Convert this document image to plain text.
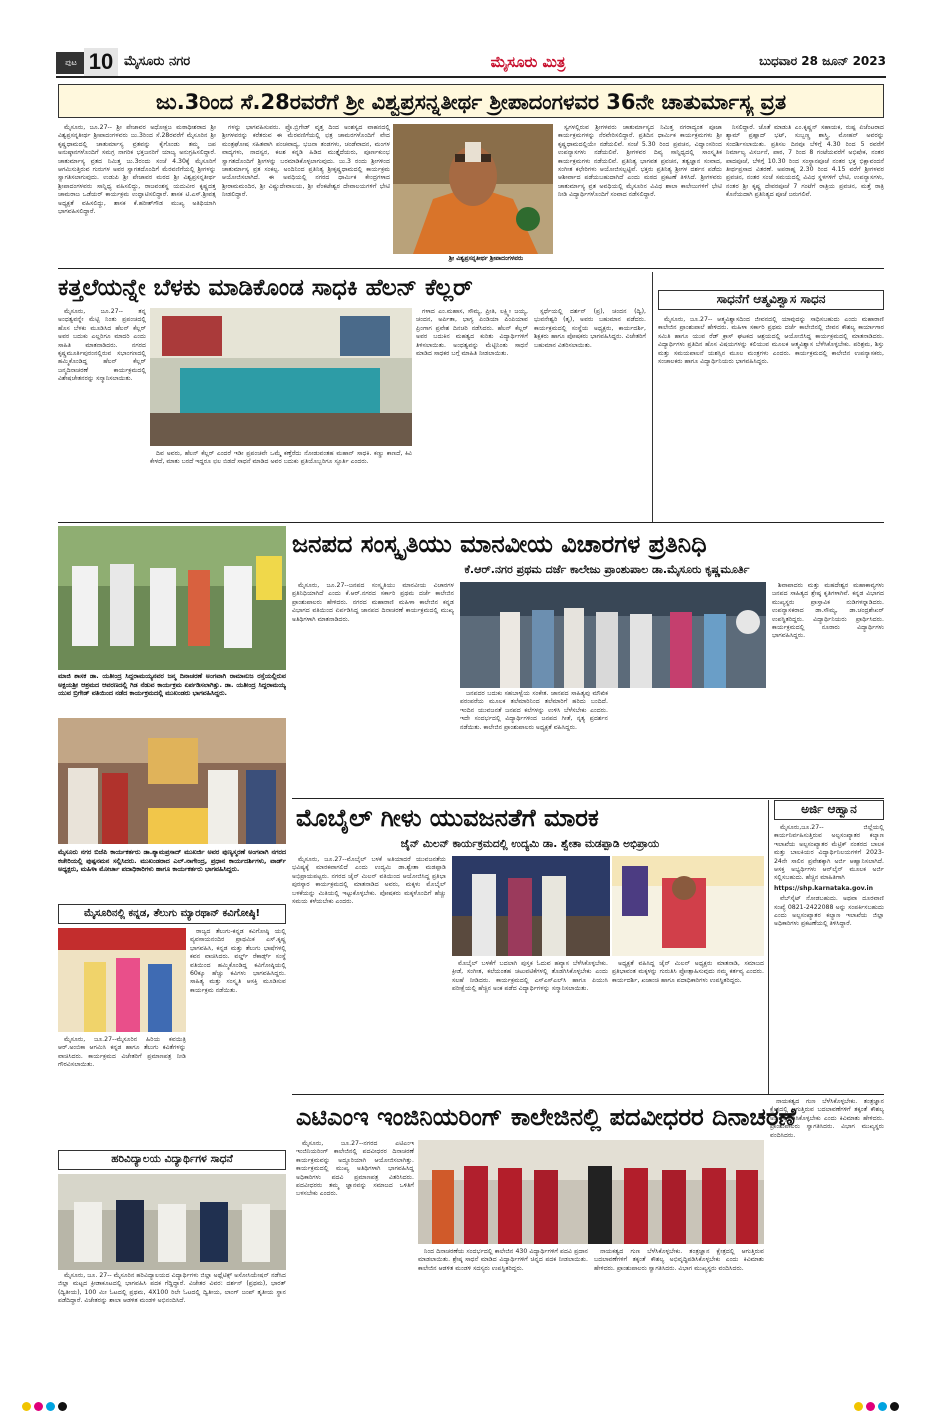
ಪುಟ 10 ಮೈಸೂರು ನಗರ	ಮೈಸೂರು ಮಿತ್ರ	ಬುಧವಾರ 28 ಜೂನ್ 2023
ಜು.3ರಿಂದ ಸೆ.28ರವರೆಗೆ ಶ್ರೀ ವಿಶ್ವಪ್ರಸನ್ನತೀರ್ಥ ಶ್ರೀಪಾದಂಗಳವರ 36ನೇ ಚಾತುರ್ಮಾಸ್ಯ ವ್ರತ

ಮೈಸೂರು, ಜೂ.27-- ಶ್ರೀ ಪೇಜಾವರ ಅಧೋಕ್ಷಜ ಮಠಾಧೀಶರಾದ ಶ್ರೀ ವಿಶ್ವಪ್ರಸನ್ನತೀರ್ಥ ಶ್ರೀಪಾದಂಗಳವರು ಜು.3ರಿಂದ ಸೆ.28ರವರೆಗೆ ಮೈಸೂರಿನ ಶ್ರೀ ಕೃಷ್ಣಧಾಮದಲ್ಲಿ ಚಾತುರ್ಮಾಸ್ಯ ವ್ರತವನ್ನು ಕೈಗೊಂಡು ತಮ್ಮ ಜಪ ಅನುಷ್ಠಾನಗಳೊಂದಿಗೆ ಸಮಗ್ರ ನಾಗರಿಕ ಭಕ್ತಜನರಿಗೆ ಯಾಜ್ಯ ಅನುಗ್ರಹಿಸಲಿದ್ದಾರೆ. ಚಾತುರ್ಮಾಸ್ಯ ವ್ರತದ ನಿಮಿತ್ತ ಜು.3ರಂದು ಸಂಜೆ 4.30ಕ್ಕೆ ಮೈಸೂರಿಗೆ ಆಗಮಿಸುತ್ತಿರುವ ಗುರುಗಳ ಅವರ ಸ್ವಾಗತದೊಂದಿಗೆ ಮೆರವಣಿಗೆಯಲ್ಲಿ ಶ್ರೀಗಳನ್ನು ಸ್ವಾಗತಿಸಲಾಗುವುದು. ಉಡುಪಿ ಶ್ರೀ ಪೇಜಾವರ ಮಠದ ಶ್ರೀ ವಿಶ್ವಪ್ರಸನ್ನತೀರ್ಥ ಶ್ರೀಪಾದಂಗಳವರು ಸಾನ್ನಿಧ್ಯ ವಹಿಸಲಿದ್ದು, ರಾಜವಂಶಸ್ಥ ಯದುವೀರ ಕೃಷ್ಣದತ್ತ ಚಾಮರಾಜ ಒಡೆಯರ್ ಕಾರ್ಯಕ್ರಮ ಉದ್ಘಾಟಿಸಲಿದ್ದಾರೆ. ಶಾಸಕ ಟಿ.ಎಸ್.ಶ್ರೀವತ್ಸ ಅಧ್ಯಕ್ಷತೆ ವಹಿಸಲಿದ್ದು, ಶಾಸಕ ಕೆ.ಹರೀಶ್‌ಗೌಡ ಮುಖ್ಯ ಅತಿಥಿಯಾಗಿ ಭಾಗವಹಿಸಲಿದ್ದಾರೆ.

ಗಳನ್ನು ಭಾಗವಹಿಸುವರು. ಪ್ರೊ.ಬ್ರಿಗೇಡ್ ವೃತ್ತ ದಿಂದ ಅಂಶಸ್ವದ ವಾಹನದಲ್ಲಿ ಶ್ರೀಗಳವರನ್ನು ಕರೆತರುವ ಈ ಮೆರವಣಿಗೆಯಲ್ಲಿ ಛತ್ರ ಚಾಮರಗಳೊಂದಿಗೆ ವೇದ ಮಂತ್ರಘೋಷ ಸಹಿತವಾಗಿ ಪಂಚವಾದ್ಯ, ಭಜನಾ ತಂಡಗಳು, ಚಂಡೆವಾದನ, ಮಂಗಳ ವಾದ್ಯಗಳು, ನಾದಸ್ವರ, ಕಲಶ ಕನ್ನಡಿ ಹಿಡಿದ ಮುತ್ತೈದೆಯರು, ಪೂರ್ಣಕುಂಭ ಸ್ವಾಗತದೊಂದಿಗೆ ಶ್ರೀಗಳನ್ನು ಬರಮಾಡಿಕೊಳ್ಳಲಾಗುವುದು. ಜು.3 ರಂದು ಶ್ರೀಗಳಿಂದ ಚಾತುರ್ಮಾಸ್ಯ ವ್ರತ ಸಂಕಲ್ಪ. ಅಂದಿನಿಂದ ಪ್ರತಿನಿತ್ಯ ಶ್ರೀಕೃಷ್ಣಧಾಮದಲ್ಲಿ ಕಾರ್ಯಕ್ರಮ ಆಯೋಜಿಸಲಾಗಿದೆ. ಈ ಅವಧಿಯಲ್ಲಿ ನಗರದ ಧಾರ್ಮಿಕ ಕೇಂದ್ರಗಳಾದ ಶ್ರೀರಾಮಮಂದಿರ, ಶ್ರೀ ವಿಷ್ಣುದೇವಾಲಯ, ಶ್ರೀ ವೆಂಕಟೇಶ್ವರ ದೇವಾಲಯಗಳಿಗೆ ಭೇಟಿ ನೀಡಲಿದ್ದಾರೆ.

ಶ್ರೀ ವಿಶ್ವಪ್ರಸನ್ನತೀರ್ಥ ಶ್ರೀಪಾದಂಗಳವರು

ಸ್ವಗಳಲ್ಲಿರುವ ಶ್ರೀಗಳವರು ಚಾತುರ್ಮಾಸ್ಯದ ನಿಮಿತ್ತ ನಗರಾದ್ಯಂತ ಪೂಜಾ ಕಾರ್ಯಕ್ರಮಗಳನ್ನು ನೆರವೇರಿಸಲಿದ್ದಾರೆ. ಪ್ರತಿದಿನ ಧಾರ್ಮಿಕ ಕಾರ್ಯಕ್ರಮಗಳು ಶ್ರೀ ಕೃಷ್ಣಧಾಮದಲ್ಲಿಯೇ ನಡೆಯಲಿವೆ. ಸಂಜೆ 5.30 ರಿಂದ ಪ್ರವಚನ, ವಿದ್ವಾಂಸರಿಂದ ಉಪನ್ಯಾಸಗಳು ನಡೆಯಲಿವೆ. ಶ್ರೀಗಳವರ ದಿವ್ಯ ಸಾನ್ನಿಧ್ಯದಲ್ಲಿ ಸಾಂಸ್ಕೃತಿಕ ಕಾರ್ಯಕ್ರಮಗಳು ನಡೆಯಲಿವೆ. ಪ್ರತಿನಿತ್ಯ ಭಾಗವತ ಪ್ರವಚನ, ತತ್ವಜ್ಞಾನ ಸಂವಾದ, ಸಂಗೀತ ಕಛೇರಿಗಳು ಆಯೋಜಿಸಲ್ಪಟ್ಟಿವೆ. ಭಕ್ತರು ಪ್ರತಿನಿತ್ಯ ಶ್ರೀಗಳ ದರ್ಶನ ಪಡೆದು ಆಶೀರ್ವಾದ ಪಡೆಯಬಹುದಾಗಿದೆ ಎಂದು ಮಠದ ಪ್ರಕಟಣೆ ತಿಳಿಸಿದೆ. ಶ್ರೀಗಳವರು ಚಾತುರ್ಮಾಸ್ಯ ವ್ರತ ಅವಧಿಯಲ್ಲಿ ಮೈಸೂರಿನ ವಿವಿಧ ಶಾಲಾ ಕಾಲೇಜುಗಳಿಗೆ ಭೇಟಿ ನೀಡಿ ವಿದ್ಯಾರ್ಥಿಗಳೊಂದಿಗೆ ಸಂವಾದ ನಡೆಸಲಿದ್ದಾರೆ.

ನಿಸಲಿದ್ದಾರೆ. ಜೊತೆ ಮಾಡುತಿ ಎಂ.ಕೃಷ್ಣನ್ ಸಹಾಯಕ, ರುಷ್ಪ ಏಜೆಂಟರಾದ ಶ್ಯಾಮ್ ಪ್ರಹ್ಲಾದ್ ಭಟ್, ಸುಬ್ಬಣ್ಣ ಶಾಸ್ತ್ರಿ, ಮೋಹನ್ ಅವರನ್ನು ಸಂದರ್ಶಿಸಲಾಯಿತು. ಪ್ರತಿಸಲ ದಿನವೂ ಬೆಳಿಗ್ಗೆ 4.30 ರಿಂದ 5 ರವರೆಗೆ ನಿರ್ಮಾಲ್ಯ ವಿಸರ್ಜನೆ, ಪಾಠ, 7 ರಿಂದ 8 ಗಂಟೆಯವರೆಗೆ ಅಭಿಷೇಕ, ನಂತರ ಪಾದಪೂಜೆ, ಬೆಳಿಗ್ಗೆ 10.30 ರಿಂದ ಸಂಸ್ಥಾನಪೂಜೆ ನಂತರ ಭಕ್ತ ಭಿಕ್ಷಾವಂದನೆ ತೀರ್ಥಪ್ರಸಾದ ವಿತರಣೆ. ಅಪರಾಹ್ನ 2.30 ರಿಂದ 4.15 ವರೆಗೆ ಶ್ರೀಗಳವರ ಪ್ರವಚನ, ನಂತರ ಸಂಜೆ ಸಮಯದಲ್ಲಿ ವಿವಿಧ ಸ್ಥಳಗಳಿಗೆ ಭೇಟಿ, ಉಪನ್ಯಾಸಗಳು, ನಂತರ ಶ್ರೀ ಕೃಷ್ಣ ದೇವರಪೂಜೆ 7 ಗಂಟೆಗೆ ರಾತ್ರಿಯ ಪ್ರವಚನ, ಮತ್ತೆ ರಾತ್ರಿ ಕೊನೆಯದಾಗಿ ಪ್ರತಿನಿತ್ಯದ ಪೂಜೆ ಜರುಗಲಿವೆ.

ಕತ್ತಲೆಯನ್ನೇ ಬೆಳಕು ಮಾಡಿಕೊಂಡ ಸಾಧಕಿ ಹೆಲನ್ ಕೆಲ್ಲರ್

ಮೈಸೂರು, ಜೂ.27-- ತನ್ನ ಅಂಧತ್ವವನ್ನೇ ಮೆಟ್ಟಿ ನಿಂತು ಪ್ರಪಂಚದಲ್ಲಿ ಹೊಸ ಬೆಳಕು ಮೂಡಿಸಿದ ಹೆಲನ್ ಕೆಲ್ಲರ್ ಅವರ ಬದುಕು ಎಲ್ಲರಿಗೂ ಮಾದರಿ ಎಂದು ಸಾಹಿತಿ ಮಾತನಾಡಿದರು. ನಗರದ ಕೃಷ್ಣಮೂರ್ತಿಪುರಂನಲ್ಲಿರುವ ಸಭಾಂಗಣದಲ್ಲಿ ಹಮ್ಮಿಕೊಂಡಿದ್ದ ಹೆಲನ್ ಕೆಲ್ಲರ್ ಜನ್ಮದಿನಾಚರಣೆ ಕಾರ್ಯಕ್ರಮದಲ್ಲಿ ವಿಶೇಷಚೇತನರನ್ನು ಸನ್ಮಾನಿಸಲಾಯಿತು.

ದಿವ ಅವರು, ಹೆಲನ್ ಕೆಲ್ಲರ್ ಎಂದರೆ ಇಡೀ ಪ್ರಪಂಚವೇ ಒಮ್ಮೆ ಕಣ್ತೆರೆದು ನೋಡುವಂತಹ ಮಹಾನ್ ಸಾಧಕಿ. ಕಣ್ಣು ಕಾಣದೆ, ಕಿವಿ ಕೇಳದೆ, ಮಾತು ಬರದೆ ಇದ್ದರೂ ಛಲ ಬಿಡದೆ ಸಾಧನೆ ಮಾಡಿದ ಅವರ ಬದುಕು ಪ್ರತಿಯೊಬ್ಬರಿಗೂ ಸ್ಫೂರ್ತಿ ಎಂದರು.

ಗಳಾದ ಎಂ.ಮಹಾಸ, ಸೌಮ್ಯ, ಪ್ರೀತಿ, ಲಕ್ಷ್ಮೀ ಜಯ್ಯ, ಚಂದನ, ಅರ್ಪಿತಾ, ಭಾಗ್ಯ ಪಿಂಡಿಯಾ ಪಿಂಪಿಯಾವ ಪ್ರಿಂಗಾಗ ಪ್ರವೇಶ ದಿನಚರಿ ನಡೆಸಿದರು. ಹೆಲನ್ ಕೆಲ್ಲರ್ ಅವರ ಬದುಕಿನ ಮಹತ್ವದ ಕುರಿತು ವಿದ್ಯಾರ್ಥಿಗಳಿಗೆ ತಿಳಿಸಲಾಯಿತು. ಅಂಧತ್ವವನ್ನು ಮೆಟ್ಟಿನಿಂತು ಸಾಧನೆ ಮಾಡಿದ ಸಾಧಕರ ಬಗ್ಗೆ ಮಾಹಿತಿ ನೀಡಲಾಯಿತು.

ಸ್ಪರ್ಧೆಯಲ್ಲಿ ದರ್ಶನ್ (ಪ್ರ), ಚಂದನ (ದ್ವಿ), ಭುವನೇಶ್ವರಿ (ತೃ), ಅವರು ಬಹುಮಾನ ಪಡೆದರು. ಕಾರ್ಯಕ್ರಮದಲ್ಲಿ ಸಂಸ್ಥೆಯ ಅಧ್ಯಕ್ಷರು, ಕಾರ್ಯದರ್ಶಿ, ಶಿಕ್ಷಕರು ಹಾಗೂ ಪೋಷಕರು ಭಾಗವಹಿಸಿದ್ದರು. ವಿಜೇತರಿಗೆ ಬಹುಮಾನ ವಿತರಿಸಲಾಯಿತು.

ಸಾಧನೆಗೆ ಆತ್ಮವಿಶ್ವಾಸ ಸಾಧನ

ಮೈಸೂರು, ಜೂ.27-- ಆತ್ಮವಿಶ್ವಾಸದಿಂದ ಜೀವನದಲ್ಲಿ ಯಾವುದನ್ನು ಸಾಧಿಸಬಹುದು ಎಂದು ಮಹಾರಾಣಿ ಕಾಲೇಜಿನ ಪ್ರಾಂಶುಪಾಲೆ ಹೇಳಿದರು. ಮಹಿಳಾ ಸರ್ಕಾರಿ ಪ್ರಥಮ ದರ್ಜೆ ಕಾಲೇಜಿನಲ್ಲಿ ಜೀವನ ಕೌಶಲ್ಯ ಕಾರ್ಯಾಗಾರ ಸಮಿತಿ ಹಾಗೂ ಯುವ ರೆಡ್ ಕ್ರಾಸ್ ಘಟಕದ ಆಶ್ರಯದಲ್ಲಿ ಆಯೋಜಿಸಿದ್ದ ಕಾರ್ಯಕ್ರಮದಲ್ಲಿ ಮಾತನಾಡಿದರು. ವಿದ್ಯಾರ್ಥಿಗಳು ಪ್ರತಿದಿನ ಹೊಸ ವಿಷಯಗಳನ್ನು ಕಲಿಯುವ ಮೂಲಕ ಆತ್ಮವಿಶ್ವಾಸ ಬೆಳೆಸಿಕೊಳ್ಳಬೇಕು. ಪರಿಶ್ರಮ, ಶಿಸ್ತು ಮತ್ತು ಸಮಯಪಾಲನೆ ಯಶಸ್ಸಿನ ಮೂಲ ಮಂತ್ರಗಳು ಎಂದರು. ಕಾರ್ಯಕ್ರಮದಲ್ಲಿ ಕಾಲೇಜಿನ ಉಪನ್ಯಾಸಕರು, ಸಂಚಾಲಕರು ಹಾಗೂ ವಿದ್ಯಾರ್ಥಿನಿಯರು ಭಾಗವಹಿಸಿದ್ದರು.

ಮಾಜಿ ಶಾಸಕ ಡಾ. ಯತೀಂದ್ರ ಸಿದ್ದರಾಮಯ್ಯನವರ ಜನ್ಮ ದಿನಾಚರಣೆ ಅಂಗವಾಗಿ ರಾಮಾನುಜ ರಸ್ತೆಯಲ್ಲಿರುವ ಅಕ್ಷಯಶ್ರೀ ಆಶ್ರಮದ ಆವರಣದಲ್ಲಿ ಗಿಡ ನೆಡುವ ಕಾರ್ಯಕ್ರಮ ಏರ್ಪಡಿಸಲಾಗಿತ್ತು. ಡಾ. ಯತೀಂದ್ರ ಸಿದ್ದರಾಮಯ್ಯ ಯುವ ಬ್ರಿಗೇಡ್ ವತಿಯಿಂದ ನಡೆದ ಕಾರ್ಯಕ್ರಮದಲ್ಲಿ ಮುಖಂಡರು ಭಾಗವಹಿಸಿದ್ದರು.
ಮೈಸೂರು ನಗರ ಬಿಜೆಪಿ ಕಾರ್ಯಕರ್ತರು ಡಾ.ಶ್ಯಾಮಪ್ರಸಾದ್ ಮುಖರ್ಜಿ ಅವರ ಪುಣ್ಯಸ್ಮರಣೆ ಅಂಗವಾಗಿ ನಗರದ ಕಚೇರಿಯಲ್ಲಿ ಪುಷ್ಪನಮನ ಸಲ್ಲಿಸಿದರು. ಮುಖಂಡರಾದ ಎಲ್.ನಾಗೇಂದ್ರ, ಪ್ರಧಾನ ಕಾರ್ಯದರ್ಶಿಗಳು, ವಾರ್ಡ್ ಅಧ್ಯಕ್ಷರು, ಮಹಿಳಾ ಮೋರ್ಚಾ ಪದಾಧಿಕಾರಿಗಳು ಹಾಗೂ ಕಾರ್ಯಕರ್ತರು ಭಾಗವಹಿಸಿದ್ದರು.
ಜನಪದ ಸಂಸ್ಕೃತಿಯು ಮಾನವೀಯ ವಿಚಾರಗಳ ಪ್ರತಿನಿಧಿ
ಕೆ.ಆರ್.ನಗರ ಪ್ರಥಮ ದರ್ಜೆ ಕಾಲೇಜು ಪ್ರಾಂಶುಪಾಲ ಡಾ.ಮೈಸೂರು ಕೃಷ್ಣಮೂರ್ತಿ

ಮೈಸೂರು, ಜೂ.27--ಜನಪದ ಸಂಸ್ಕೃತಿಯು ಮಾನವೀಯ ವಿಚಾರಗಳ ಪ್ರತಿನಿಧಿಯಾಗಿದೆ ಎಂದು ಕೆ.ಆರ್.ನಗರದ ಸರ್ಕಾರಿ ಪ್ರಥಮ ದರ್ಜೆ ಕಾಲೇಜಿನ ಪ್ರಾಂಶುಪಾಲರು ಹೇಳಿದರು. ನಗರದ ಮಹಾರಾಣಿ ಮಹಿಳಾ ಕಾಲೇಜಿನ ಕನ್ನಡ ವಿಭಾಗದ ವತಿಯಿಂದ ಏರ್ಪಡಿಸಿದ್ದ ಜಾನಪದ ದಿನಾಚರಣೆ ಕಾರ್ಯಕ್ರಮದಲ್ಲಿ ಮುಖ್ಯ ಅತಿಥಿಗಳಾಗಿ ಮಾತನಾಡಿದರು.

ಜನಪದರ ಬದುಕು ಸಹಬಾಳ್ವೆಯ ಸಂಕೇತ. ಜಾನಪದ ಸಾಹಿತ್ಯವು ಮೌಖಿಕ ಪರಂಪರೆಯ ಮೂಲಕ ತಲೆಮಾರಿನಿಂದ ತಲೆಮಾರಿಗೆ ಹರಿದು ಬಂದಿದೆ. ಇಂದಿನ ಯುವಜನತೆ ಜನಪದ ಕಲೆಗಳನ್ನು ಉಳಿಸಿ ಬೆಳೆಸಬೇಕು ಎಂದರು. ಇದೇ ಸಂದರ್ಭದಲ್ಲಿ ವಿದ್ಯಾರ್ಥಿಗಳಿಂದ ಜನಪದ ಗೀತೆ, ನೃತ್ಯ ಪ್ರದರ್ಶನ ನಡೆಯಿತು. ಕಾಲೇಜಿನ ಪ್ರಾಂಶುಪಾಲರು ಅಧ್ಯಕ್ಷತೆ ವಹಿಸಿದ್ದರು.

ಶಿವಾಪಾದರು ಮತ್ತು ಮಹದೇಶ್ವರ ಮಹಾಕಾವ್ಯಗಳು ಜನಪದ ಸಾಹಿತ್ಯದ ಶ್ರೇಷ್ಠ ಕೃತಿಗಳಾಗಿವೆ. ಕನ್ನಡ ವಿಭಾಗದ ಮುಖ್ಯಸ್ಥರು ಪ್ರಾಸ್ತಾವಿಕ ನುಡಿಗಳನ್ನಾಡಿದರು. ಉಪನ್ಯಾಸಕರಾದ ಡಾ.ಸೌಮ್ಯ, ಡಾ.ಚಂದ್ರಶೇಖರ್ ಉಪಸ್ಥಿತರಿದ್ದರು. ವಿದ್ಯಾರ್ಥಿನಿಯರು ಪ್ರಾರ್ಥಿಸಿದರು. ಕಾರ್ಯಕ್ರಮದಲ್ಲಿ ನೂರಾರು ವಿದ್ಯಾರ್ಥಿಗಳು ಭಾಗವಹಿಸಿದ್ದರು.

ಮೊಬೈಲ್ ಗೀಳು ಯುವಜನತೆಗೆ ಮಾರಕ
ಜೈನ್ ಮಿಲನ್ ಕಾರ್ಯಕ್ರಮದಲ್ಲಿ ಉದ್ಯಮಿ ಡಾ. ಶ್ವೇತಾ ಮಡಪ್ಪಾಡಿ ಅಭಿಪ್ರಾಯ

ಮೈಸೂರು, ಜೂ.27--ಮೊಬೈಲ್ ಬಳಕೆ ಅತಿಯಾದರೆ ಯುವಜನತೆಯ ಭವಿಷ್ಯಕ್ಕೆ ಮಾರಕವಾಗಲಿದೆ ಎಂದು ಉದ್ಯಮಿ ಡಾ.ಶ್ವೇತಾ ಮಡಪ್ಪಾಡಿ ಅಭಿಪ್ರಾಯಪಟ್ಟರು. ನಗರದ ಜೈನ್ ಮಿಲನ್ ವತಿಯಿಂದ ಆಯೋಜಿಸಿದ್ದ ಪ್ರತಿಭಾ ಪುರಸ್ಕಾರ ಕಾರ್ಯಕ್ರಮದಲ್ಲಿ ಮಾತನಾಡಿದ ಅವರು, ಮಕ್ಕಳು ಮೊಬೈಲ್ ಬಳಕೆಯನ್ನು ಮಿತಿಯಲ್ಲಿ ಇಟ್ಟುಕೊಳ್ಳಬೇಕು. ಪೋಷಕರು ಮಕ್ಕಳೊಂದಿಗೆ ಹೆಚ್ಚು ಸಮಯ ಕಳೆಯಬೇಕು ಎಂದರು.

ಮೊಬೈಲ್ ಬಳಕೆಗೆ ಬದಲಾಗಿ ಪುಸ್ತಕ ಓದುವ ಹವ್ಯಾಸ ಬೆಳೆಸಿಕೊಳ್ಳಬೇಕು. ಕ್ರೀಡೆ, ಸಂಗೀತ, ಕಲೆಯಂತಹ ಚಟುವಟಿಕೆಗಳಲ್ಲಿ ತೊಡಗಿಸಿಕೊಳ್ಳಬೇಕು ಎಂದು ಸಲಹೆ ನೀಡಿದರು. ಕಾರ್ಯಕ್ರಮದಲ್ಲಿ ಎಸ್ಎಸ್ಎಲ್‌ಸಿ ಹಾಗೂ ಪಿಯುಸಿ ಪರೀಕ್ಷೆಯಲ್ಲಿ ಹೆಚ್ಚಿನ ಅಂಕ ಪಡೆದ ವಿದ್ಯಾರ್ಥಿಗಳನ್ನು ಸನ್ಮಾನಿಸಲಾಯಿತು.

ಅಧ್ಯಕ್ಷತೆ ವಹಿಸಿದ್ದ ಜೈನ್ ಮಿಲನ್ ಅಧ್ಯಕ್ಷರು ಮಾತನಾಡಿ, ಸಮಾಜದ ಪ್ರತಿಭಾವಂತ ಮಕ್ಕಳನ್ನು ಗುರುತಿಸಿ ಪ್ರೋತ್ಸಾಹಿಸುವುದು ನಮ್ಮ ಕರ್ತವ್ಯ ಎಂದರು. ಕಾರ್ಯದರ್ಶಿ, ಖಜಾಂಚಿ ಹಾಗೂ ಪದಾಧಿಕಾರಿಗಳು ಉಪಸ್ಥಿತರಿದ್ದರು.

ಅರ್ಜಿ ಆಹ್ವಾನ

ಮೈಸೂರು,ಜೂ.27-- ಜಿಲ್ಲೆಯಲ್ಲಿ ಕಾರ್ಯನಿರ್ವಹಿಸುತ್ತಿರುವ ಅಲ್ಪಸಂಖ್ಯಾತರ ಕಲ್ಯಾಣ ಇಲಾಖೆಯ ಅಲ್ಪಸಂಖ್ಯಾತರ ಮೆಟ್ರಿಕ್ ನಂತರದ ಬಾಲಕ ಮತ್ತು ಬಾಲಕಿಯರ ವಿದ್ಯಾರ್ಥಿನಿಲಯಗಳಿಗೆ 2023-24ನೇ ಸಾಲಿನ ಪ್ರವೇಶಕ್ಕಾಗಿ ಅರ್ಜಿ ಆಹ್ವಾನಿಸಲಾಗಿದೆ. ಆಸಕ್ತ ಅಭ್ಯರ್ಥಿಗಳು ಆನ್‌ಲೈನ್ ಮೂಲಕ ಅರ್ಜಿ ಸಲ್ಲಿಸಬಹುದು. ಹೆಚ್ಚಿನ ಮಾಹಿತಿಗಾಗಿ

https://shp.karnataka.gov.in

ವೆಬ್‌ಸೈಟ್ ನೋಡಬಹುದು. ಅಥವಾ ದೂರವಾಣಿ ಸಂಖ್ಯೆ 0821-2422088 ಅನ್ನು ಸಂಪರ್ಕಿಸಬಹುದು ಎಂದು ಅಲ್ಪಸಂಖ್ಯಾತರ ಕಲ್ಯಾಣ ಇಲಾಖೆಯ ಜಿಲ್ಲಾ ಅಧಿಕಾರಿಗಳು ಪ್ರಕಟಣೆಯಲ್ಲಿ ತಿಳಿಸಿದ್ದಾರೆ.

ಮೈಸೂರಿನಲ್ಲಿ ಕನ್ನಡ, ತೆಲುಗು ಮ್ಯಾರಥಾನ್ ಕವಿಗೋಷ್ಠಿ!

ರಾಜ್ಯದ ತೆಲುಗು-ಕನ್ನಡ ಕವಿಗೋಷ್ಠಿ ಯಲ್ಲಿ ವ್ಯವಸಾಯನಂದಿರ ಪ್ರಾಥಮಿಕ ಎಸ್.ಕೃಷ್ಣ ಭಾಗವಹಿಸಿ, ಕನ್ನಡ ಮತ್ತು ತೆಲುಗು ಭಾಷೆಗಳಲ್ಲಿ ಕವನ ವಾಚಿಸಿದರು. ವರ್ಲ್ಡ್ ರೆಕಾರ್ಡ್ಸ್ ಸಂಸ್ಥೆ ವತಿಯಿಂದ ಹಮ್ಮಿಕೊಂಡಿದ್ದ ಕವಿಗೋಷ್ಠಿಯಲ್ಲಿ 60ಕ್ಕೂ ಹೆಚ್ಚು ಕವಿಗಳು ಭಾಗವಹಿಸಿದ್ದರು. ಸಾಹಿತ್ಯ ಮತ್ತು ಸಂಸ್ಕೃತಿ ಆಸಕ್ತಿ ಮೂಡಿಸುವ ಕಾರ್ಯಕ್ರಮ ನಡೆಯಿತು.

ಮೈಸೂರು, ಜೂ.27--ಮೈಸೂರಿನ ಹಿರಿಯ ಕವಯಿತ್ರಿ ಆರ್.ಅಂಬಿಕಾ ಆಗಮಿಸಿ ಕನ್ನಡ ಹಾಗೂ ತೆಲುಗು ಕವಿತೆಗಳನ್ನು ವಾಚಿಸಿದರು. ಕಾರ್ಯಕ್ರಮದ ವಿಜೇತರಿಗೆ ಪ್ರಮಾಣಪತ್ರ ನೀಡಿ ಗೌರವಿಸಲಾಯಿತು.

ಹರಿವಿದ್ಯಾಲಯ ವಿದ್ಯಾರ್ಥಿಗಳ ಸಾಧನೆ

ಮೈಸೂರು, ಜೂ. 27-- ಮೈಸೂರಿನ ಹರಿವಿದ್ಯಾಲಯದ ವಿದ್ಯಾರ್ಥಿಗಳು ಜಿಲ್ಲಾ ಅಥ್ಲೆಟಿಕ್ಸ್ ಅಸೋಸಿಯೇಷನ್ ನಡೆಸಿದ ಜಿಲ್ಲಾ ಮಟ್ಟದ ಕ್ರೀಡಾಕೂಟದಲ್ಲಿ ಭಾಗವಹಿಸಿ ಪದಕ ಗೆದ್ದಿದ್ದಾರೆ. ವಿಜೇತರ ವಿವರ: ದರ್ಶನ್ (ಪ್ರಥಮ), ಭಾರತ್ (ದ್ವಿತೀಯ), 100 ಮೀ ಓಟದಲ್ಲಿ ಪ್ರಥಮ, 4X100 ರಿಲೇ ಓಟದಲ್ಲಿ ದ್ವಿತೀಯ, ಲಾಂಗ್ ಜಂಪ್ ತೃತೀಯ ಸ್ಥಾನ ಪಡೆದಿದ್ದಾರೆ. ವಿಜೇತರನ್ನು ಶಾಲಾ ಆಡಳಿತ ಮಂಡಳಿ ಅಭಿನಂದಿಸಿದೆ.

ಎಟಿಎಂಇ ಇಂಜಿನಿಯರಿಂಗ್ ಕಾಲೇಜಿನಲ್ಲಿ ಪದವೀಧರರ ದಿನಾಚರಣೆ

ಮೈಸೂರು, ಜೂ.27--ನಗರದ ಎಟಿಎಂಇ ಇಂಜಿನಿಯರಿಂಗ್ ಕಾಲೇಜಿನಲ್ಲಿ ಪದವೀಧರರ ದಿನಾಚರಣೆ ಕಾರ್ಯಕ್ರಮವನ್ನು ಅದ್ದೂರಿಯಾಗಿ ಆಯೋಜಿಸಲಾಗಿತ್ತು. ಕಾರ್ಯಕ್ರಮದಲ್ಲಿ ಮುಖ್ಯ ಅತಿಥಿಗಳಾಗಿ ಭಾಗವಹಿಸಿದ್ದ ಅಧಿಕಾರಿಗಳು ಪದವಿ ಪ್ರಮಾಣಪತ್ರ ವಿತರಿಸಿದರು. ಪದವೀಧರರು ತಮ್ಮ ಜ್ಞಾನವನ್ನು ಸಮಾಜದ ಒಳಿತಿಗೆ ಬಳಸಬೇಕು ಎಂದರು.

ನಿಂದ ದಿನಾಚರಣೆಯ ಸಂದರ್ಭದಲ್ಲಿ ಕಾಲೇಜಿನ 430 ವಿದ್ಯಾರ್ಥಿಗಳಿಗೆ ಪದವಿ ಪ್ರದಾನ ಮಾಡಲಾಯಿತು. ಶ್ರೇಷ್ಠ ಸಾಧನೆ ಮಾಡಿದ ವಿದ್ಯಾರ್ಥಿಗಳಿಗೆ ಚಿನ್ನದ ಪದಕ ನೀಡಲಾಯಿತು. ಕಾಲೇಜಿನ ಆಡಳಿತ ಮಂಡಳಿ ಸದಸ್ಯರು ಉಪಸ್ಥಿತರಿದ್ದರು.

ನಾಯಕತ್ವದ ಗುಣ ಬೆಳೆಸಿಕೊಳ್ಳಬೇಕು. ತಂತ್ರಜ್ಞಾನ ಕ್ಷೇತ್ರದಲ್ಲಿ ಆಗುತ್ತಿರುವ ಬದಲಾವಣೆಗಳಿಗೆ ತಕ್ಕಂತೆ ಕೌಶಲ್ಯ ಅಭಿವೃದ್ಧಿಪಡಿಸಿಕೊಳ್ಳಬೇಕು ಎಂದು ಕಿವಿಮಾತು ಹೇಳಿದರು. ಪ್ರಾಂಶುಪಾಲರು ಸ್ವಾಗತಿಸಿದರು. ವಿಭಾಗ ಮುಖ್ಯಸ್ಥರು ವಂದಿಸಿದರು.

ನಾಯಕತ್ವದ ಗುಣ ಬೆಳೆಸಿಕೊಳ್ಳಬೇಕು. ತಂತ್ರಜ್ಞಾನ ಕ್ಷೇತ್ರದಲ್ಲಿ ಆಗುತ್ತಿರುವ ಬದಲಾವಣೆಗಳಿಗೆ ತಕ್ಕಂತೆ ಕೌಶಲ್ಯ ಅಭಿವೃದ್ಧಿಪಡಿಸಿಕೊಳ್ಳಬೇಕು ಎಂದು ಕಿವಿಮಾತು ಹೇಳಿದರು. ಪ್ರಾಂಶುಪಾಲರು ಸ್ವಾಗತಿಸಿದರು. ವಿಭಾಗ ಮುಖ್ಯಸ್ಥರು ವಂದಿಸಿದರು.
